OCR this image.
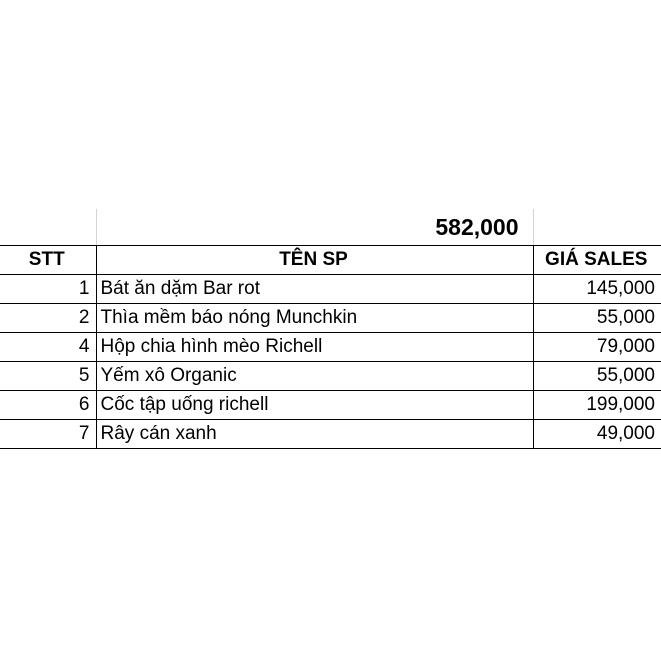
	582,000	
STT	TÊN SP	GIÁ SALES
1	Bát ăn dặm Bar rot	145,000
2	Thìa mềm báo nóng Munchkin	55,000
4	Hộp chia hình mèo Richell	79,000
5	Yếm xô Organic	55,000
6	Cốc tập uống richell	199,000
7	Rây cán xanh	49,000
